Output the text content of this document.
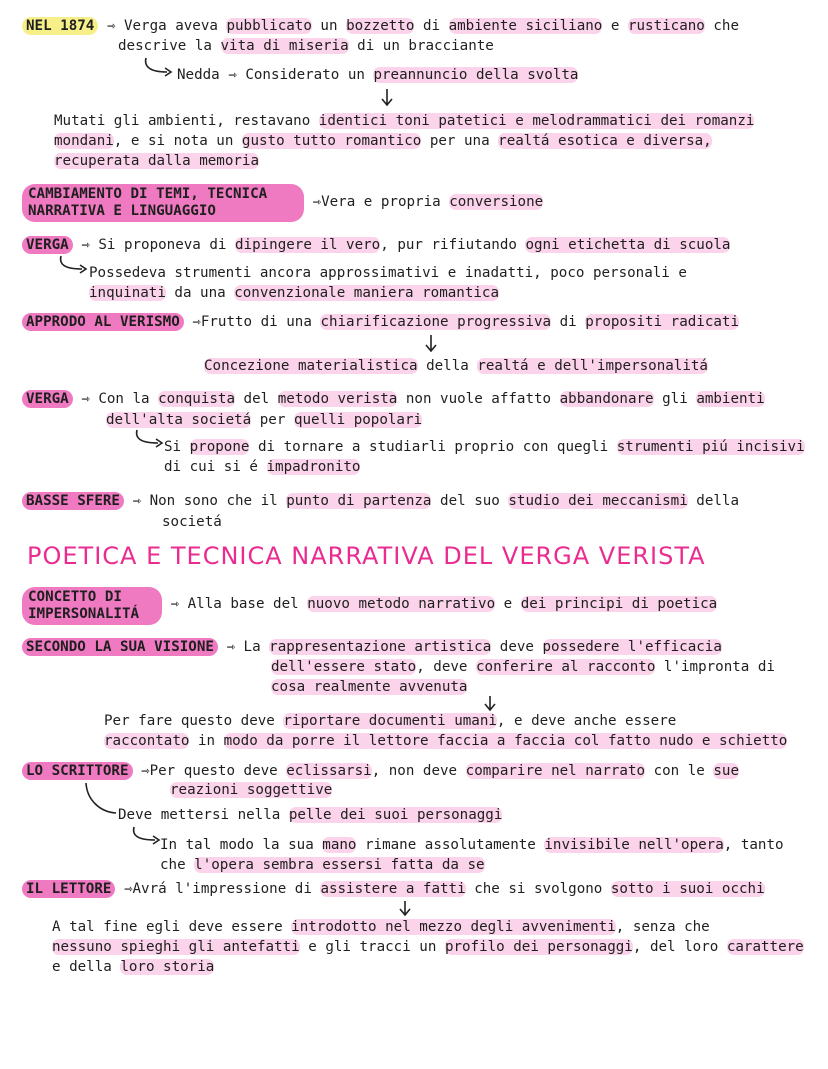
NEL 1874 ⇾ Verga aveva pubblicato un bozzetto di ambiente siciliano e rusticano che
descrive la vita di miseria di un bracciante
Nedda ⇾ Considerato un preannuncio della svolta
Mutati gli ambienti, restavano identici toni patetici e melodrammatici dei romanzi
mondani, e si nota un gusto tutto romantico per una realtá esotica e diversa,
recuperata dalla memoria
CAMBIAMENTO DI TEMI, TECNICA NARRATIVA E LINGUAGGIO ⇾Vera e propria conversione
VERGA ⇾ Si proponeva di dipingere il vero, pur rifiutando ogni etichetta di scuola
Possedeva strumenti ancora approssimativi e inadatti, poco personali e
inquinati da una convenzionale maniera romantica
APPRODO AL VERISMO ⇾Frutto di una chiarificazione progressiva di propositi radicati
Concezione materialistica della realtá e dell'impersonalitá
VERGA ⇾ Con la conquista del metodo verista non vuole affatto abbandonare gli ambienti
dell'alta societá per quelli popolari
Si propone di tornare a studiarli proprio con quegli strumenti piú incisivi
di cui si é impadronito
BASSE SFERE ⇾ Non sono che il punto di partenza del suo studio dei meccanismi della
societá
POETICA E TECNICA NARRATIVA DEL VERGA VERISTA
CONCETTO DI IMPERSONALITÁ ⇾ Alla base del nuovo metodo narrativo e dei principi di poetica
SECONDO LA SUA VISIONE ⇾ La rappresentazione artistica deve possedere l'efficacia
dell'essere stato, deve conferire al racconto l'impronta di
cosa realmente avvenuta
Per fare questo deve riportare documenti umani, e deve anche essere
raccontato in modo da porre il lettore faccia a faccia col fatto nudo e schietto
LO SCRITTORE ⇾Per questo deve eclissarsi, non deve comparire nel narrato con le sue
reazioni soggettive
Deve mettersi nella pelle dei suoi personaggi
In tal modo la sua mano rimane assolutamente invisibile nell'opera, tanto
che l'opera sembra essersi fatta da se
IL LETTORE ⇾Avrá l'impressione di assistere a fatti che si svolgono sotto i suoi occhi
A tal fine egli deve essere introdotto nel mezzo degli avvenimenti, senza che
nessuno spieghi gli antefatti e gli tracci un profilo dei personaggi, del loro carattere
e della loro storia
